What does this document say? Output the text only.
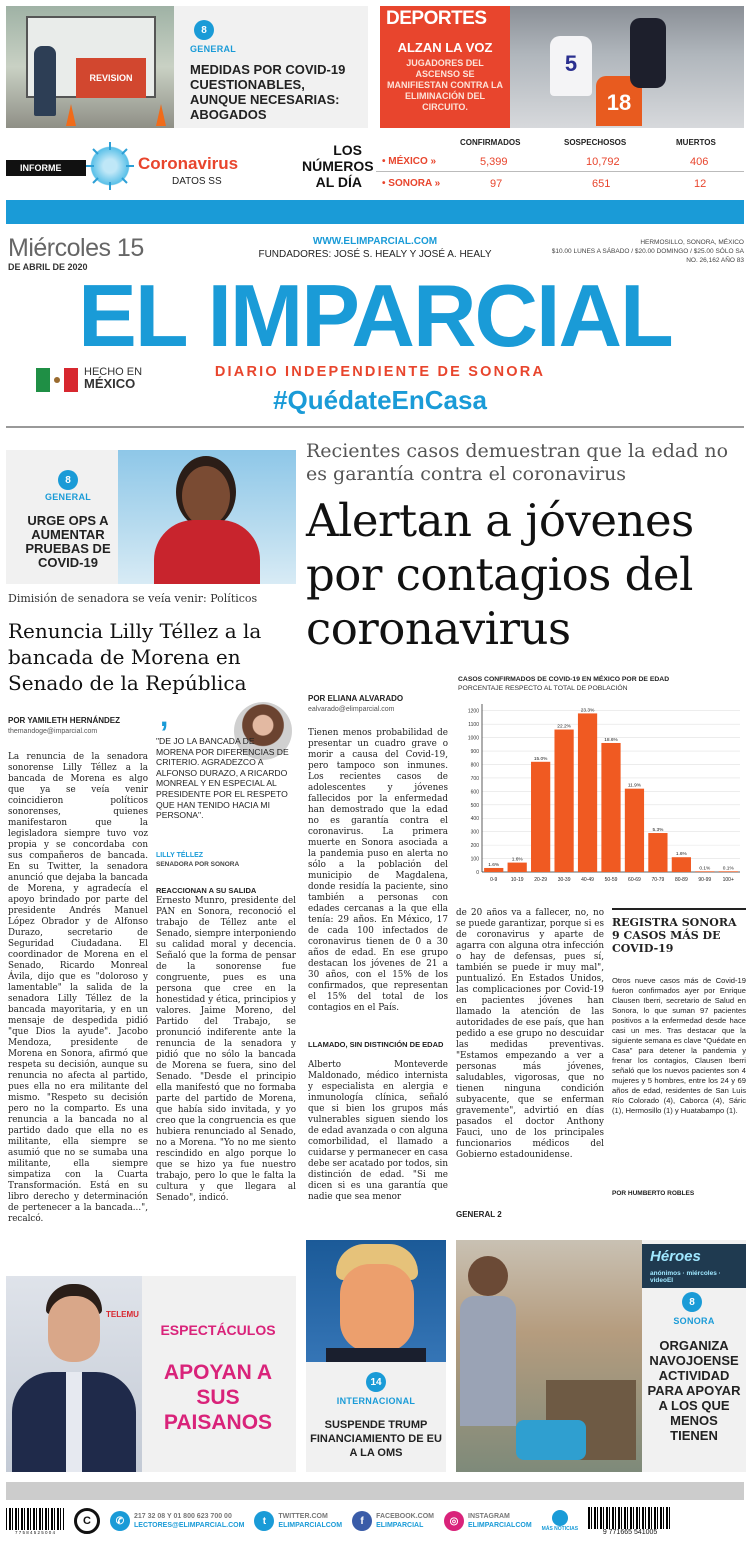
REVISION
8
GENERAL
MEDIDAS POR COVID-19 CUESTIONABLES, AUNQUE NECESARIAS: ABOGADOS
DEPORTES
ALZAN LA VOZ
JUGADORES DEL ASCENSO SE MANIFIESTAN CONTRA LA ELIMINACIÓN DEL CIRCUITO.
5
18
INFORME	Coronavirus
DATOS SS
LOS NÚMEROS AL DÍA
CONFIRMADOS	SOSPECHOSOS	MUERTOS
• MÉXICO »	5,399	10,792	406
• SONORA »	97	651	12
Miércoles 15
DE ABRIL DE 2020
WWW.ELIMPARCIAL.COM
FUNDADORES: JOSÉ S. HEALY Y JOSÉ A. HEALY
HERMOSILLO, SONORA, MÉXICO
$10.00 LUNES A SÁBADO / $20.00 DOMINGO / $25.00 SÓLO SA
NO. 26,162 AÑO 83
EL IMPARCIAL
HECHO EN
MÉXICO
DIARIO INDEPENDIENTE DE SONORA
#QuédateEnCasa
8
GENERAL
URGE OPS A AUMENTAR PRUEBAS DE COVID-19
Dimisión de senadora se veía venir: Políticos
Renuncia Lilly Téllez a la bancada de Morena en Senado de la República
POR YAMILETH HERNÁNDEZ
themandoge@imparcial.com
La renuncia de la senadora sonorense Lilly Téllez a la bancada de Morena es algo que ya se veía venir coincidieron políticos sonorenses, quienes manifestaron que la legisladora siempre tuvo voz propia y se concordaba con sus compañeros de bancada. En su Twitter, la senadora anunció que dejaba la bancada de Morena, y agradecía el apoyo brindado por parte del presidente Andrés Manuel López Obrador y de Alfonso Durazo, secretario de Seguridad Ciudadana. El coordinador de Morena en el Senado, Ricardo Monreal Ávila, dijo que es "doloroso y lamentable" la salida de la senadora Lilly Téllez de la bancada mayoritaria, y en un mensaje de despedida pidió "que Dios la ayude". Jacobo Mendoza, presidente de Morena en Sonora, afirmó que respeta su decisión, aunque su renuncia no afecta al partido, pues ella no era militante del mismo. "Respeto su decisión pero no la comparto. Es una renuncia a la bancada no al partido dado que ella no es militante, ella siempre se asumió que no se sumaba una militante, ella siempre simpatiza con la Cuarta Transformación. Está en su libro derecho y determinación de pertenecer a la bancada...", recalcó.
,
"DE JO LA BANCADA DE MORENA POR DIFERENCIAS DE CRITERIO. AGRADEZCO A ALFONSO DURAZO, A RICARDO MONREAL Y EN ESPECIAL AL PRESIDENTE POR EL RESPETO QUE HAN TENIDO HACIA MI PERSONA".
LILLY TÉLLEZ
SENADORA POR SONORA
REACCIONAN A SU SALIDA
Ernesto Munro, presidente del PAN en Sonora, reconoció el trabajo de Téllez ante el Senado, siempre interponiendo su calidad moral y decencia. Señaló que la forma de pensar de la sonorense fue congruente, pues es una persona que cree en la honestidad y ética, principios y valores. Jaime Moreno, del Partido del Trabajo, se pronunció indiferente ante la renuncia de la senadora y pidió que no sólo la bancada de Morena se fuera, sino del Senado. "Desde el principio ella manifestó que no formaba parte del partido de Morena, que había sido invitada, y yo creo que la congruencia es que hubiera renunciado al Senado, no a Morena. "Yo no me siento rescindido en algo porque lo que se hizo ya fue nuestro trabajo, pero lo que le falta la cultura y que llegara al Senado", indicó.
Recientes casos demuestran que la edad no es garantía contra el coronavirus
Alertan a jóvenes por contagios del coronavirus
POR ELIANA ALVARADO
ealvarado@elimparcial.com
Tienen menos probabilidad de presentar un cuadro grave o morir a causa del Covid-19, pero tampoco son inmunes. Los recientes casos de adolescentes y jóvenes fallecidos por la enfermedad han demostrado que la edad no es garantía contra el coronavirus. La primera muerte en Sonora asociada a la pandemia puso en alerta no sólo a la población del municipio de Magdalena, donde residía la paciente, sino también a personas con edades cercanas a la que ella tenía: 29 años. En México, 17 de cada 100 infectados de coronavirus tienen de 0 a 30 años de edad. En ese grupo destacan los jóvenes de 21 a 30 años, con el 15% de los confirmados, que representan el 15% del total de los contagios en el País.
LLAMADO, SIN DISTINCIÓN DE EDAD
Alberto Monteverde Maldonado, médico internista y especialista en alergia e inmunología clínica, señaló que si bien los grupos más vulnerables siguen siendo los de edad avanzada o con alguna comorbilidad, el llamado a cuidarse y permanecer en casa debe ser acatado por todos, sin distinción de edad. "Si me dicen si es una garantía que nadie que sea menor
CASOS CONFIRMADOS DE COVID-19 EN MÉXICO POR DE EDAD
PORCENTAJE RESPECTO AL TOTAL DE POBLACIÓN
0
100
200
300
400
500
600
700
800
900
1000
1100
1200
1.6%
0-9
1.6%
10-19
15.0%
20-29
22.2%
30-39
23.3%
40-49
18.6%
50-59
11.9%
60-69
5.3%
70-79
1.6%
80-89
0.1%
90-99
0.1%
100+
de 20 años va a fallecer, no, no se puede garantizar, porque si es de coronavirus y aparte de agarra con alguna otra infección o hay de defensas, pues sí, también se puede ir muy mal", puntualizó. En Estados Unidos, las complicaciones por Covid-19 en pacientes jóvenes han llamado la atención de las autoridades de ese país, que han pedido a ese grupo no descuidar las medidas preventivas. "Estamos empezando a ver a personas más jóvenes, saludables, vigorosas, que no tienen ninguna condición subyacente, que se enferman gravemente", advirtió en días pasados el doctor Anthony Fauci, uno de los principales funcionarios médicos del Gobierno estadounidense.
GENERAL 2
REGISTRA SONORA 9 CASOS MÁS DE COVID-19
Otros nueve casos más de Covid-19 fueron confirmados ayer por Enrique Clausen Iberri, secretario de Salud en Sonora, lo que suman 97 pacientes positivos a la enfermedad desde hace casi un mes. Tras destacar que la siguiente semana es clave "Quédate en Casa" para detener la pandemia y frenar los contagios, Clausen Iberri señaló que los nuevos pacientes son 4 mujeres y 5 hombres, entre los 24 y 69 años de edad, residentes de San Luis Río Colorado (4), Caborca (4), Sáric (1), Hermosillo (1) y Huatabampo (1).
POR HUMBERTO ROBLES
TELEMU
ESPECTÁCULOS
APOYAN A SUS PAISANOS
14
INTERNACIONAL
SUSPENDE TRUMP FINANCIAMIENTO DE EU A LA OMS
Héroes
anónimos · miércoles · videoEI
8
SONORA
ORGANIZA NAVOJOENSE ACTIVIDAD PARA APOYAR A LOS QUE MENOS TIENEN
7 7 5 8 4 5 2 5 0 0 4
C	✆	217 32 08 Y 01 800 623 700 00
LECTORES@ELIMPARCIAL.COM	t	TWITTER.COM
ELIMPARCIALCOM	f	FACEBOOK.COM
ELIMPARCIAL	◎	INSTAGRAM
ELIMPARCIALCOM MÁS NOTICIAS	9 771665 541005
